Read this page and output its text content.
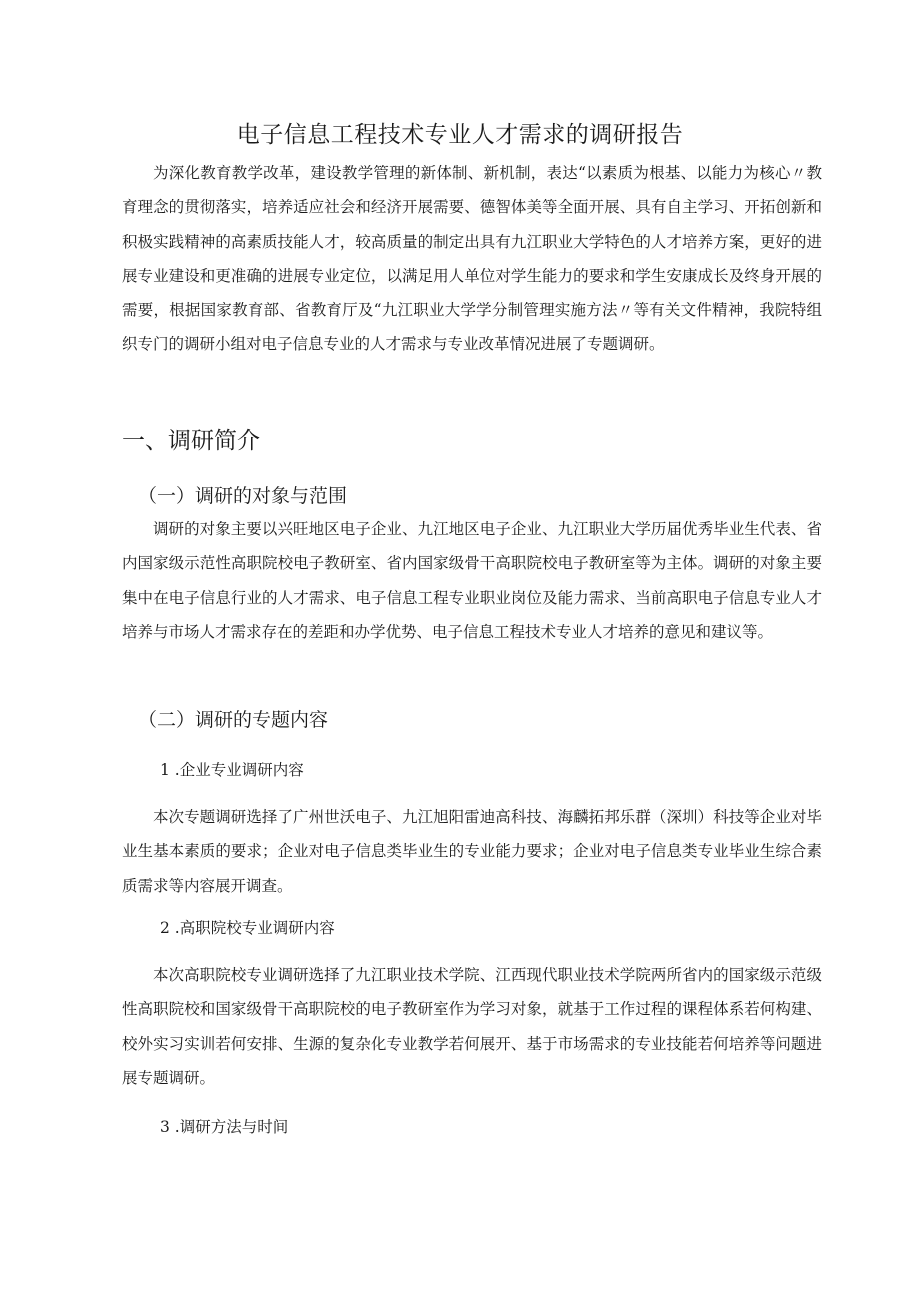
电子信息工程技术专业人才需求的调研报告

为深化教育教学改革，建设教学管理的新体制、新机制，表达“以素质为根基、以能力为核心〃教育理念的贯彻落实，培养适应社会和经济开展需要、德智体美等全面开展、具有自主学习、开拓创新和积极实践精神的高素质技能人才，较高质量的制定出具有九江职业大学特色的人才培养方案，更好的进展专业建设和更准确的进展专业定位，以满足用人单位对学生能力的要求和学生安康成长及终身开展的需要，根据国家教育部、省教育厅及“九江职业大学学分制管理实施方法〃等有关文件精神，我院特组织专门的调研小组对电子信息专业的人才需求与专业改革情况进展了专题调研。

一、调研简介
（一）调研的对象与范围

调研的对象主要以兴旺地区电子企业、九江地区电子企业、九江职业大学历届优秀毕业生代表、省内国家级示范性高职院校电子教研室、省内国家级骨干高职院校电子教研室等为主体。调研的对象主要集中在电子信息行业的人才需求、电子信息工程专业职业岗位及能力需求、当前高职电子信息专业人才培养与市场人才需求存在的差距和办学优势、电子信息工程技术专业人才培养的意见和建议等。

（二）调研的专题内容
1 .企业专业调研内容

本次专题调研选择了广州世沃电子、九江旭阳雷迪高科技、海麟拓邦乐群（深圳）科技等企业对毕业生基本素质的要求；企业对电子信息类毕业生的专业能力要求；企业对电子信息类专业毕业生综合素质需求等内容展开调查。

2 .高职院校专业调研内容

本次高职院校专业调研选择了九江职业技术学院、江西现代职业技术学院两所省内的国家级示范级性高职院校和国家级骨干高职院校的电子教研室作为学习对象，就基于工作过程的课程体系若何构建、校外实习实训若何安排、生源的复杂化专业教学若何展开、基于市场需求的专业技能若何培养等问题进展专题调研。

3 .调研方法与时间
